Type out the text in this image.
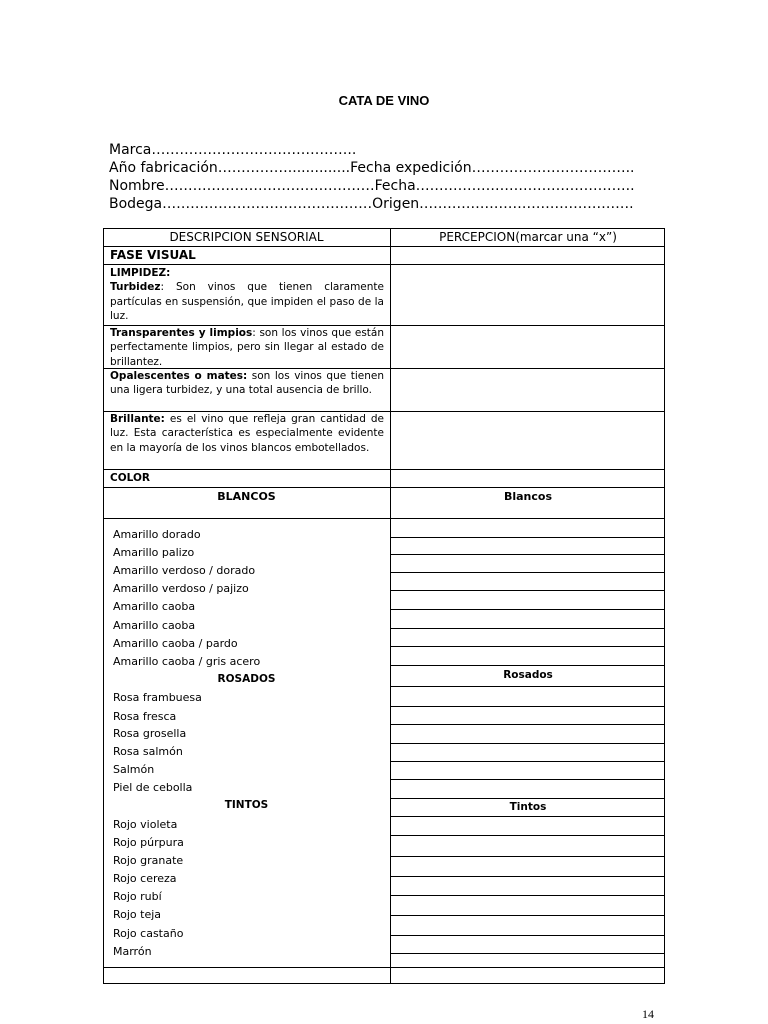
CATA DE VINO
Marca……………………………………..
Año fabricación……………..............Fecha expedición……………………………..
Nombre………………………………………Fecha………………………………………..
Bodega………………………………………Origen……………………………………….
DESCRIPCION SENSORIAL	PERCEPCION(marcar una “x”)
FASE VISUAL
LIMPIDEZ:
Turbidez: Son vinos que tienen claramente partículas en suspensión, que impiden el paso de la luz.
Transparentes y limpios: son los vinos que están perfectamente limpios, pero sin llegar al estado de brillantez.
Opalescentes o mates: son los vinos que tienen una ligera turbidez, y una total ausencia de brillo.
Brillante: es el vino que refleja gran cantidad de luz. Esta característica es especialmente evidente en la mayoría de los vinos blancos embotellados.
COLOR
BLANCOS	Blancos
Amarillo dorado
Amarillo palizo
Amarillo verdoso / dorado
Amarillo verdoso / pajizo
Amarillo caoba
Amarillo caoba
Amarillo caoba / pardo
Amarillo caoba / gris acero
ROSADOS	Rosados
Rosa frambuesa
Rosa fresca
Rosa grosella
Rosa salmón
Salmón
Piel de cebolla
TINTOS	Tintos
Rojo violeta
Rojo púrpura
Rojo granate
Rojo cereza
Rojo rubí
Rojo teja
Rojo castaño
Marrón
14
